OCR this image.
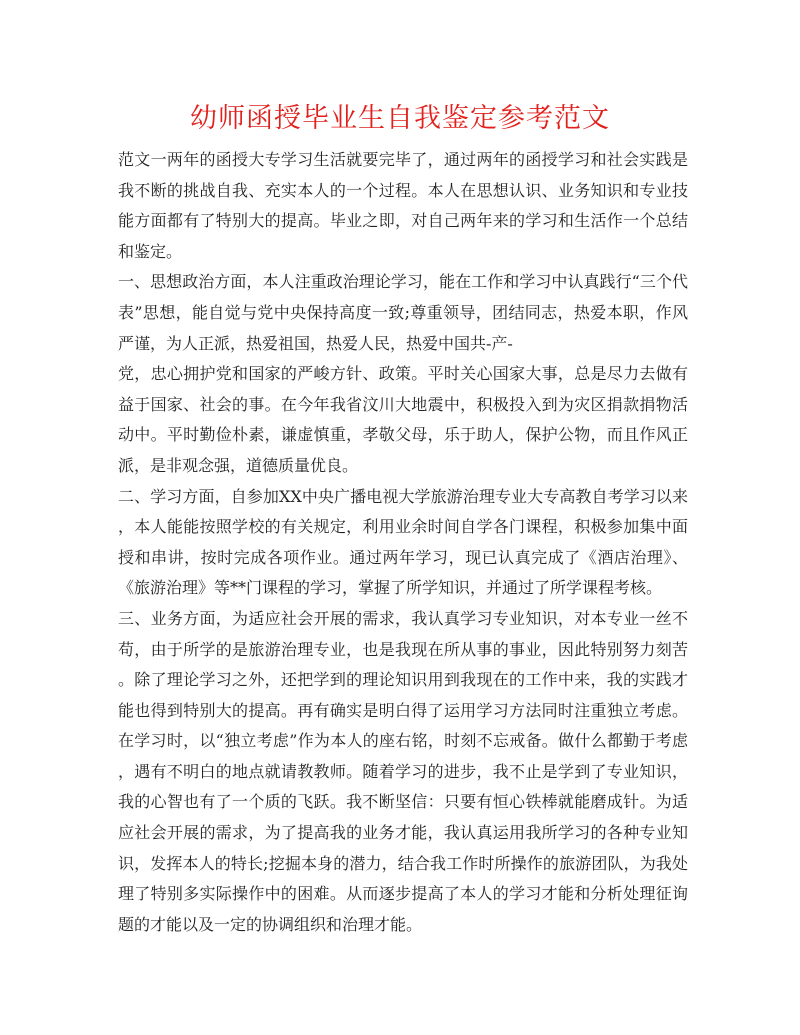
幼师函授毕业生自我鉴定参考范文
范文一两年的函授大专学习生活就要完毕了，通过两年的函授学习和社会实践是
我不断的挑战自我、充实本人的一个过程。本人在思想认识、业务知识和专业技
能方面都有了特别大的提高。毕业之即，对自己两年来的学习和生活作一个总结
和鉴定。
一、思想政治方面，本人注重政治理论学习，能在工作和学习中认真践行“三个代
表”思想，能自觉与党中央保持高度一致;尊重领导，团结同志，热爱本职，作风
严谨，为人正派，热爱祖国，热爱人民，热爱中国共-产-
党，忠心拥护党和国家的严峻方针、政策。平时关心国家大事，总是尽力去做有
益于国家、社会的事。在今年我省汶川大地震中，积极投入到为灾区捐款捐物活
动中。平时勤俭朴素，谦虚慎重，孝敬父母，乐于助人，保护公物，而且作风正
派，是非观念强，道德质量优良。
二、学习方面，自参加XX中央广播电视大学旅游治理专业大专高教自考学习以来
，本人能能按照学校的有关规定，利用业余时间自学各门课程，积极参加集中面
授和串讲，按时完成各项作业。通过两年学习，现已认真完成了《酒店治理》、
《旅游治理》等**门课程的学习，掌握了所学知识，并通过了所学课程考核。
三、业务方面，为适应社会开展的需求，我认真学习专业知识，对本专业一丝不
苟，由于所学的是旅游治理专业，也是我现在所从事的事业，因此特别努力刻苦
。除了理论学习之外，还把学到的理论知识用到我现在的工作中来，我的实践才
能也得到特别大的提高。再有确实是明白得了运用学习方法同时注重独立考虑。
在学习时，以“独立考虑”作为本人的座右铭，时刻不忘戒备。做什么都勤于考虑
，遇有不明白的地点就请教教师。随着学习的进步，我不止是学到了专业知识，
我的心智也有了一个质的飞跃。我不断坚信：只要有恒心铁棒就能磨成针。为适
应社会开展的需求，为了提高我的业务才能，我认真运用我所学习的各种专业知
识，发挥本人的特长;挖掘本身的潜力，结合我工作时所操作的旅游团队，为我处
理了特别多实际操作中的困难。从而逐步提高了本人的学习才能和分析处理征询
题的才能以及一定的协调组织和治理才能。
